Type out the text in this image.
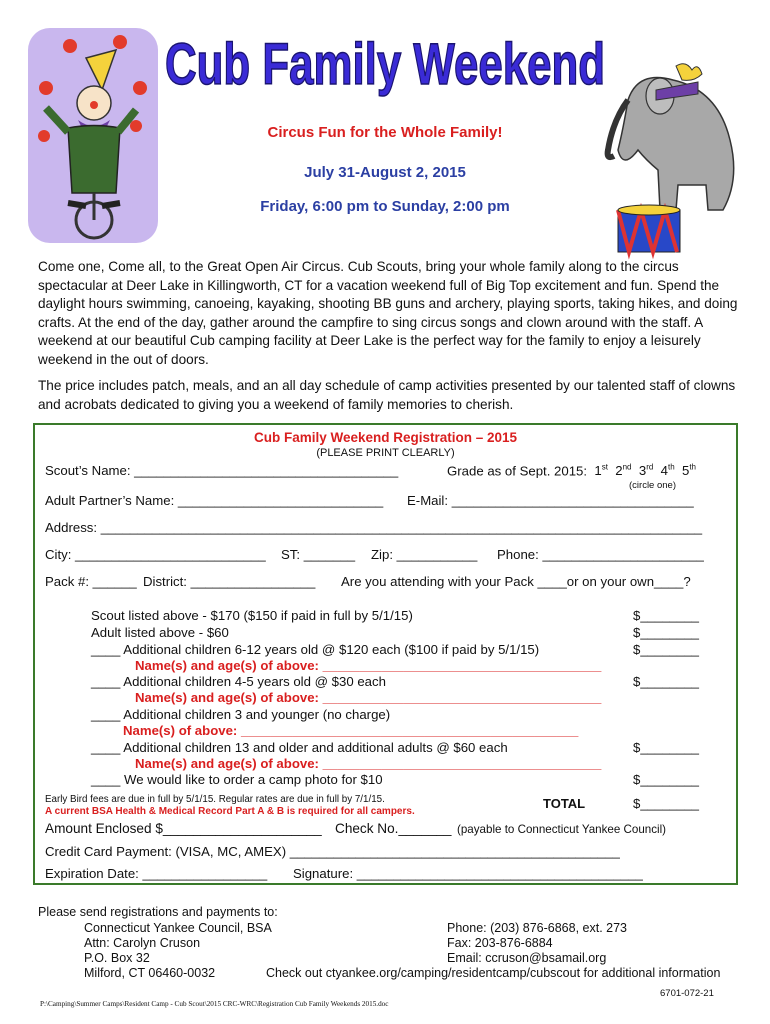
Cub Family Weekend
Circus Fun for the Whole Family!
July 31-August 2, 2015
Friday, 6:00 pm to Sunday, 2:00 pm
Come one, Come all, to the Great Open Air Circus. Cub Scouts, bring your whole family along to the circus spectacular at Deer Lake in Killingworth, CT for a vacation weekend full of Big Top excitement and fun. Spend the daylight hours swimming, canoeing, kayaking, shooting BB guns and archery, playing sports, taking hikes, and doing crafts. At the end of the day, gather around the campfire to sing circus songs and clown around with the staff. A weekend at our beautiful Cub camping facility at Deer Lake is the perfect way for the family to enjoy a leisurely weekend in the out of doors.
The price includes patch, meals, and an all day schedule of camp activities presented by our talented staff of clowns and acrobats dedicated to giving you a weekend of family memories to cherish.
Cub Family Weekend Registration – 2015
(PLEASE PRINT CLEARLY)
Scout’s Name: ____________________________________	Grade as of Sept. 2015: 1st 2nd 3rd 4th 5th
(circle one)
Adult Partner’s Name: ____________________________ E-Mail: _________________________________
Address: __________________________________________________________________________________
City: __________________________ ST: _______ Zip: ___________ Phone: ______________________
Pack #: ______ District: _________________ Are you attending with your Pack ____or on your own____?
Scout listed above - $170 ($150 if paid in full by 5/1/15)	$________
Adult listed above - $60	$________
____ Additional children 6-12 years old @ $120 each ($100 if paid by 5/1/15)	$________
Name(s) and age(s) of above: ______________________________________
____ Additional children 4-5 years old @ $30 each	$________
Name(s) and age(s) of above: ______________________________________
____ Additional children 3 and younger (no charge)
Name(s) of above: ______________________________________________
____ Additional children 13 and older and additional adults @ $60 each	$________
Name(s) and age(s) of above: ______________________________________
____ We would like to order a camp photo for $10	$________
Early Bird fees are due in full by 5/1/15. Regular rates are due in full by 7/1/15.	TOTAL	$________
A current BSA Health & Medical Record Part A & B is required for all campers.
Amount Enclosed $_____________________ Check No._______ (payable to Connecticut Yankee Council)
Credit Card Payment: (VISA, MC, AMEX) _____________________________________________
Expiration Date: _________________ Signature: _______________________________________
Please send registrations and payments to:
Connecticut Yankee Council, BSA
Attn: Carolyn Cruson
P.O. Box 32
Milford, CT 06460-0032
Phone: (203) 876-6868, ext. 273
Fax: 203-876-6884
Email: ccruson@bsamail.org
Check out ctyankee.org/camping/residentcamp/cubscout for additional information
6701-072-21
P:\Camping\Summer Camps\Resident Camp - Cub Scout\2015 CRC-WRC\Registration Cub Family Weekends 2015.doc
